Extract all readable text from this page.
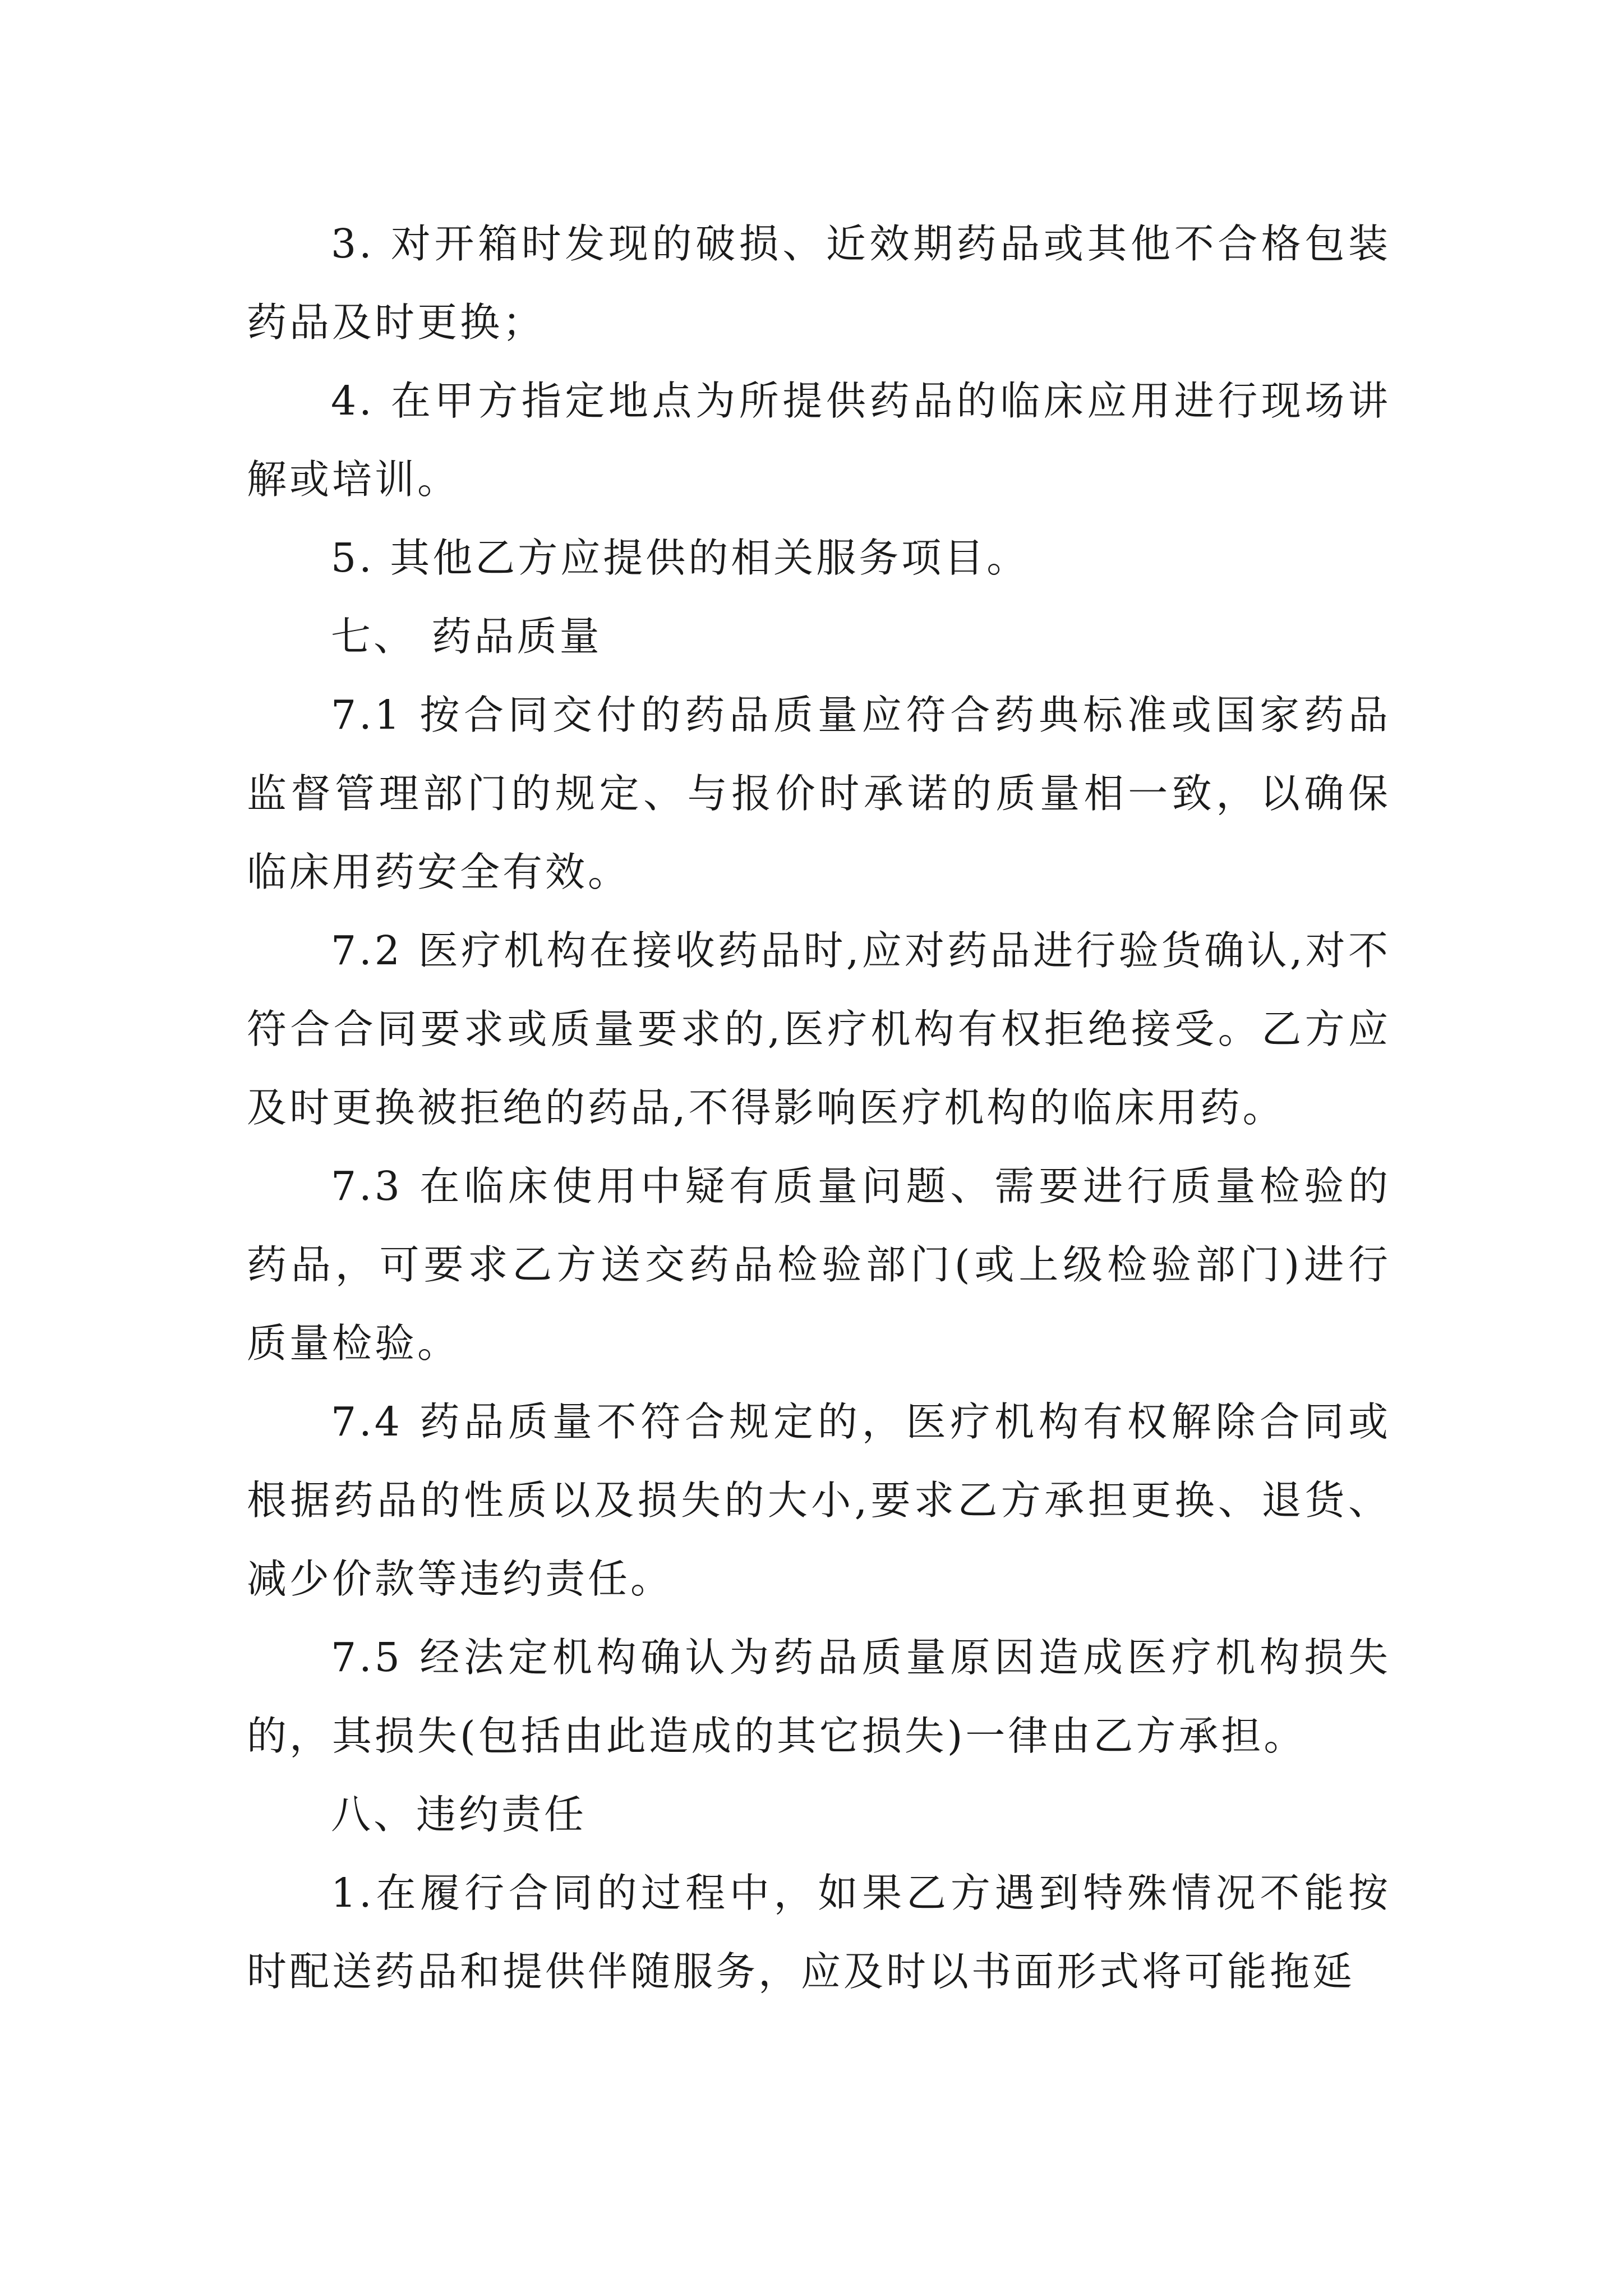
3. 对开箱时发现的破损、近效期药品或其他不合格包装药品及时更换；

4. 在甲方指定地点为所提供药品的临床应用进行现场讲解或培训。

5. 其他乙方应提供的相关服务项目。

七、 药品质量

7.1 按合同交付的药品质量应符合药典标准或国家药品监督管理部门的规定、与报价时承诺的质量相一致，以确保临床用药安全有效。

7.2 医疗机构在接收药品时,应对药品进行验货确认,对不符合合同要求或质量要求的,医疗机构有权拒绝接受。乙方应及时更换被拒绝的药品,不得影响医疗机构的临床用药。

7.3 在临床使用中疑有质量问题、需要进行质量检验的药品，可要求乙方送交药品检验部门(或上级检验部门)进行质量检验。

7.4 药品质量不符合规定的，医疗机构有权解除合同或根据药品的性质以及损失的大小,要求乙方承担更换、退货、减少价款等违约责任。

7.5 经法定机构确认为药品质量原因造成医疗机构损失的，其损失(包括由此造成的其它损失)一律由乙方承担。

八、违约责任

1.在履行合同的过程中，如果乙方遇到特殊情况不能按时配送药品和提供伴随服务，应及时以书面形式将可能拖延
